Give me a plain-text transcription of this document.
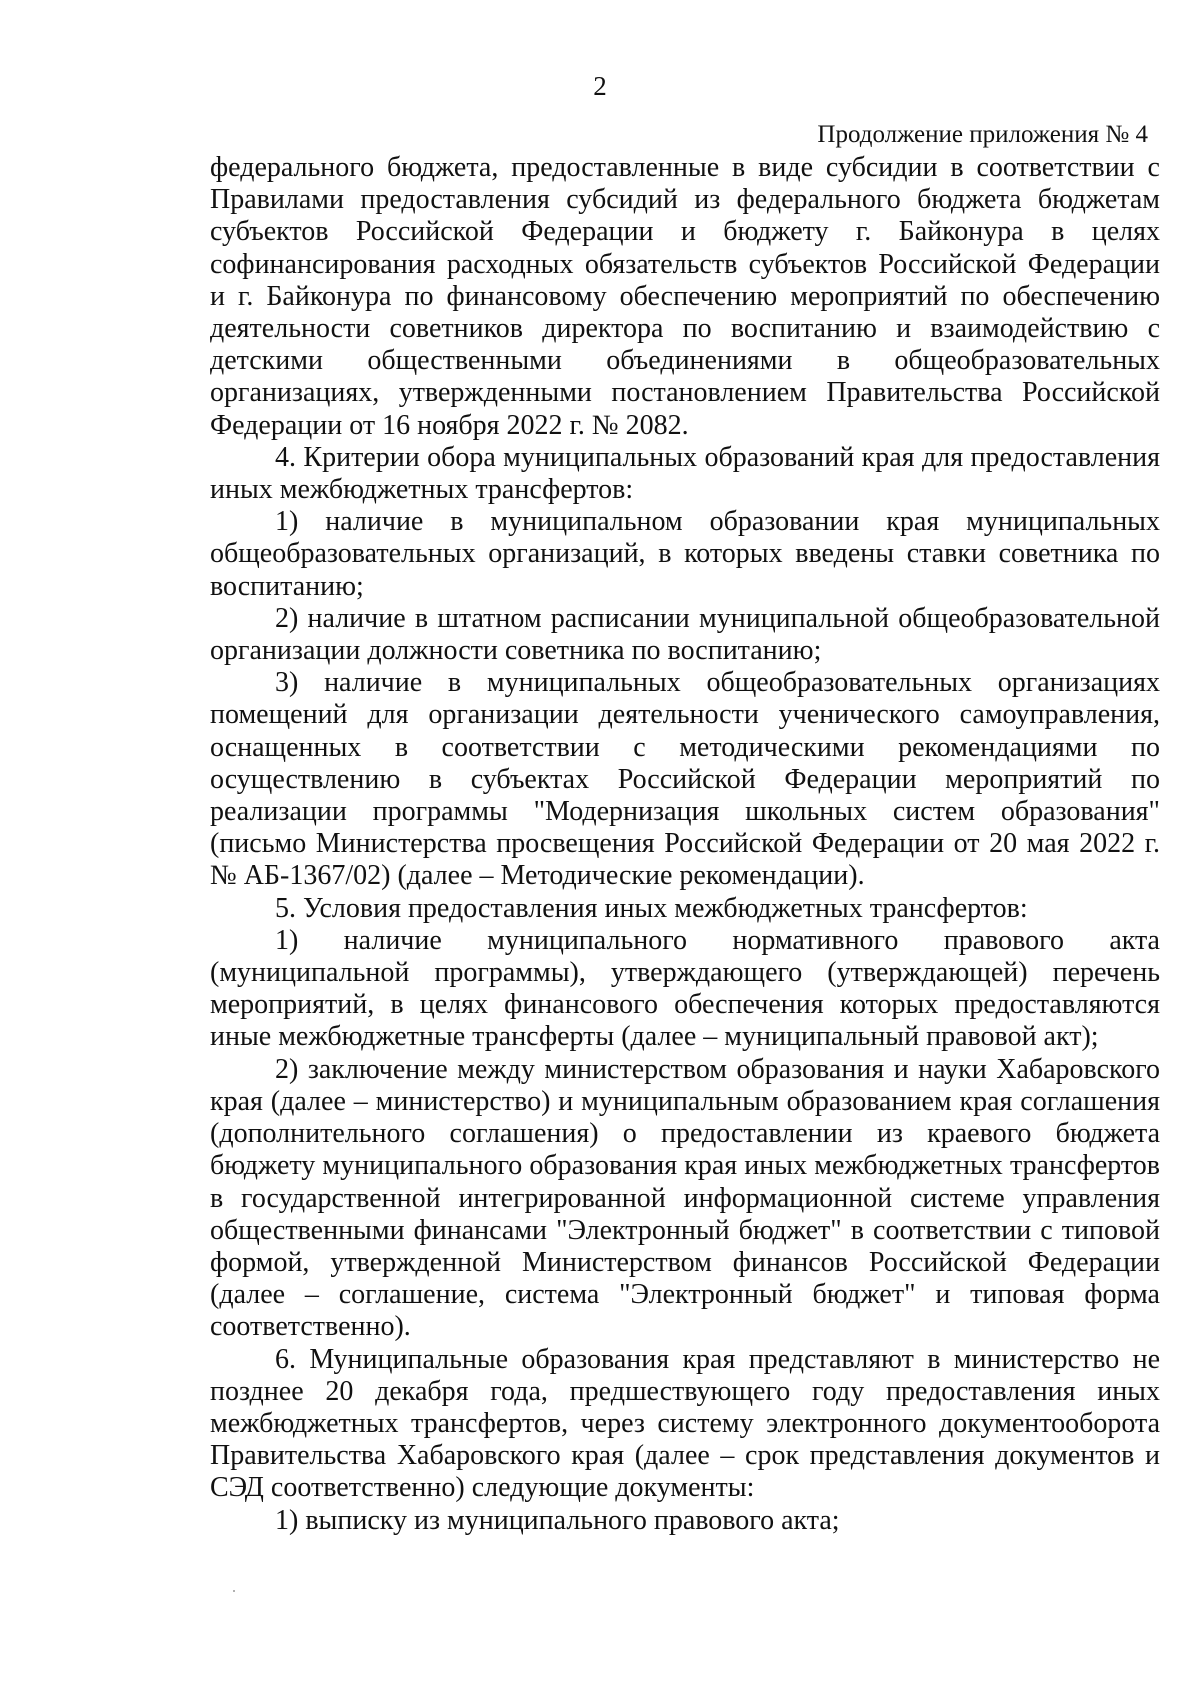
2
Продолжение приложения № 4

федерального бюджета, предоставленные в виде субсидии в соответствии с Правилами предоставления субсидий из федерального бюджета бюджетам субъектов Российской Федерации и бюджету г. Байконура в целях софинансирования расходных обязательств субъектов Российской Федерации и г. Байконура по финансовому обеспечению мероприятий по обеспечению деятельности советников директора по воспитанию и взаимодействию с детскими общественными объединениями в общеобразовательных организациях, утвержденными постановлением Правительства Российской Федерации от 16 ноября 2022 г. № 2082.

4. Критерии обора муниципальных образований края для предоставления иных межбюджетных трансфертов:

1) наличие в муниципальном образовании края муниципальных общеобразовательных организаций, в которых введены ставки советника по воспитанию;

2) наличие в штатном расписании муниципальной общеобразовательной организации должности советника по воспитанию;

3) наличие в муниципальных общеобразовательных организациях помещений для организации деятельности ученического самоуправления, оснащенных в соответствии с методическими рекомендациями по осуществлению в субъектах Российской Федерации мероприятий по реализации программы "Модернизация школьных систем образования" (письмо Министерства просвещения Российской Федерации от 20 мая 2022 г. № АБ-1367/02) (далее – Методические рекомендации).

5. Условия предоставления иных межбюджетных трансфертов:

1) наличие муниципального нормативного правового акта (муниципальной программы), утверждающего (утверждающей) перечень мероприятий, в целях финансового обеспечения которых предоставляются иные межбюджетные трансферты (далее – муниципальный правовой акт);

2) заключение между министерством образования и науки Хабаровского края (далее – министерство) и муниципальным образованием края соглашения (дополнительного соглашения) о предоставлении из краевого бюджета бюджету муниципального образования края иных межбюджетных трансфертов в государственной интегрированной информационной системе управления общественными финансами "Электронный бюджет" в соответствии с типовой формой, утвержденной Министерством финансов Российской Федерации (далее – соглашение, система "Электронный бюджет" и типовая форма соответственно).

6. Муниципальные образования края представляют в министерство не позднее 20 декабря года, предшествующего году предоставления иных межбюджетных трансфертов, через систему электронного документооборота Правительства Хабаровского края (далее – срок представления документов и СЭД соответственно) следующие документы:

1) выписку из муниципального правового акта;
